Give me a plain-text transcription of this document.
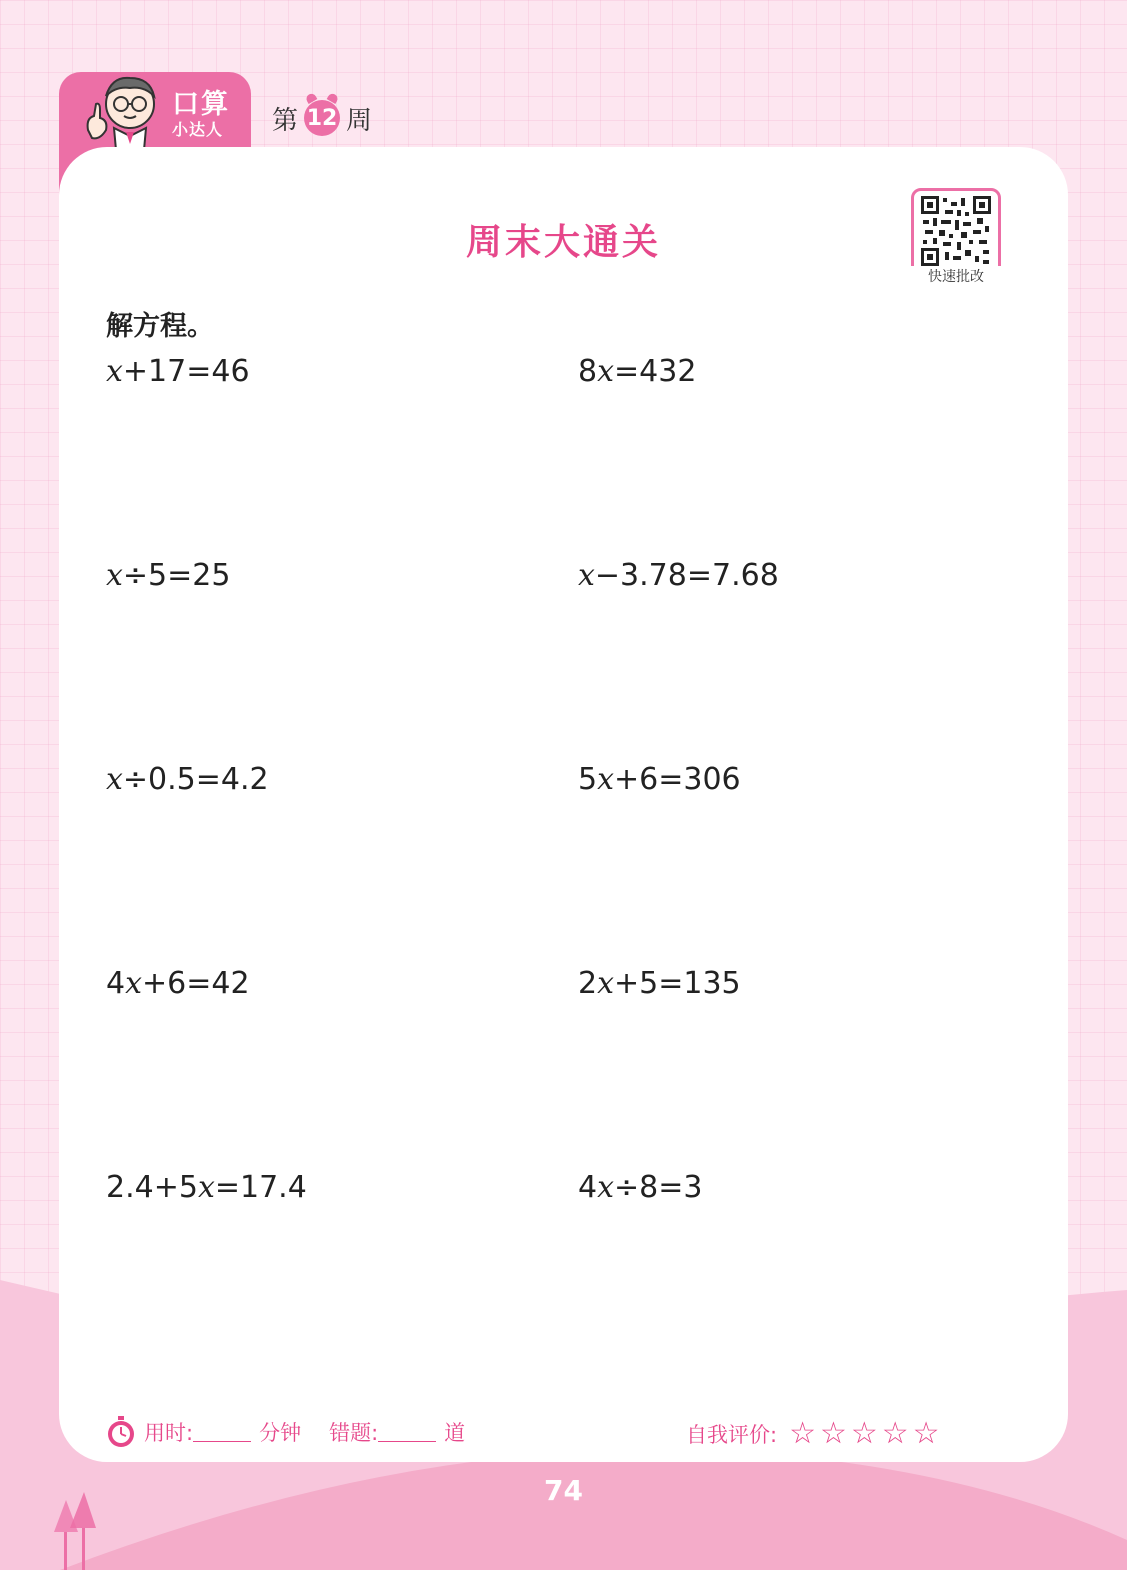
口算
小达人 第 12 周
周末大通关
快速批改
解方程。
x+17=46	8x=432
x÷5=25	x−3.78=7.68
x÷0.5=4.2	5x+6=306
4x+6=42	2x+5=135
2.4+5x=17.4	4x÷8=3
用时:	分钟 错题:	道	自我评价: ☆☆☆☆☆
74
